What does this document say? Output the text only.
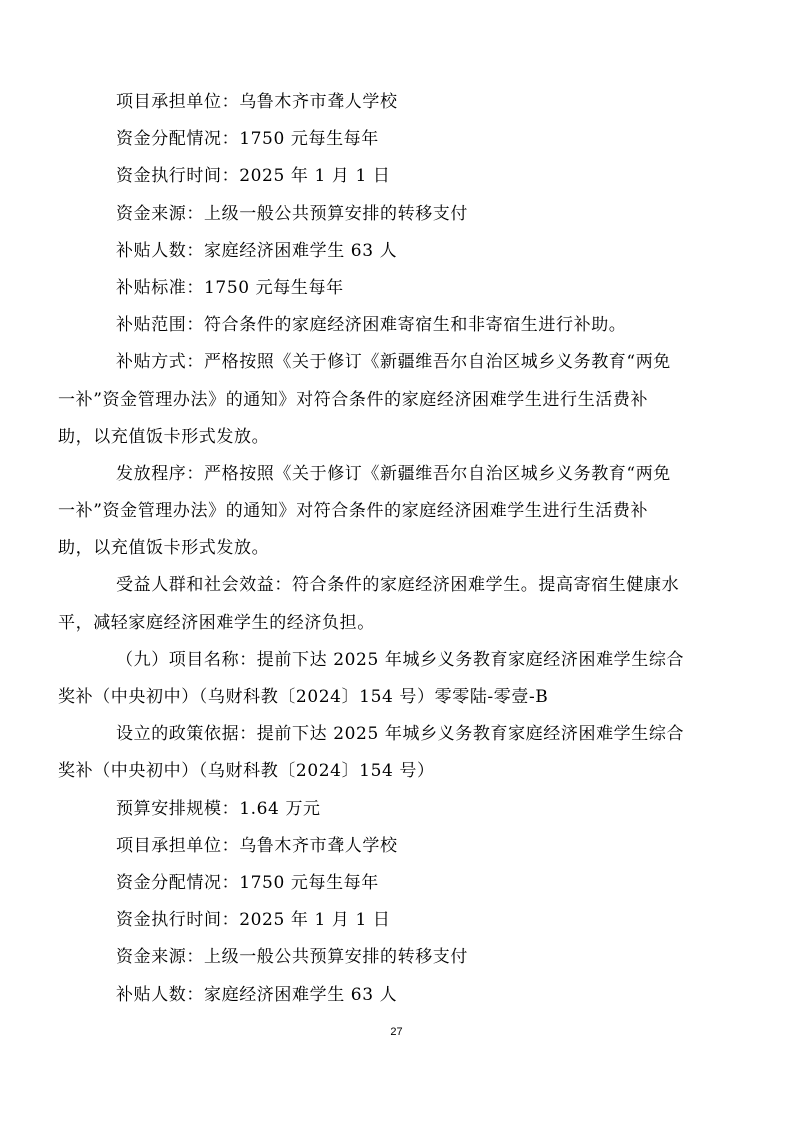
项目承担单位：乌鲁木齐市聋人学校
资金分配情况：1750 元每生每年
资金执行时间：2025 年 1 月 1 日
资金来源：上级一般公共预算安排的转移支付
补贴人数：家庭经济困难学生 63 人
补贴标准：1750 元每生每年
补贴范围：符合条件的家庭经济困难寄宿生和非寄宿生进行补助。
补贴方式：严格按照《关于修订《新疆维吾尔自治区城乡义务教育“两免
一补”资金管理办法》的通知》对符合条件的家庭经济困难学生进行生活费补
助，以充值饭卡形式发放。
发放程序：严格按照《关于修订《新疆维吾尔自治区城乡义务教育“两免
一补”资金管理办法》的通知》对符合条件的家庭经济困难学生进行生活费补
助，以充值饭卡形式发放。
受益人群和社会效益：符合条件的家庭经济困难学生。提高寄宿生健康水
平，减轻家庭经济困难学生的经济负担。
（九）项目名称：提前下达 2025 年城乡义务教育家庭经济困难学生综合
奖补（中央初中）（乌财科教〔2024〕154 号）零零陆-零壹-B
设立的政策依据：提前下达 2025 年城乡义务教育家庭经济困难学生综合
奖补（中央初中）（乌财科教〔2024〕154 号）
预算安排规模：1.64 万元
项目承担单位：乌鲁木齐市聋人学校
资金分配情况：1750 元每生每年
资金执行时间：2025 年 1 月 1 日
资金来源：上级一般公共预算安排的转移支付
补贴人数：家庭经济困难学生 63 人
27
